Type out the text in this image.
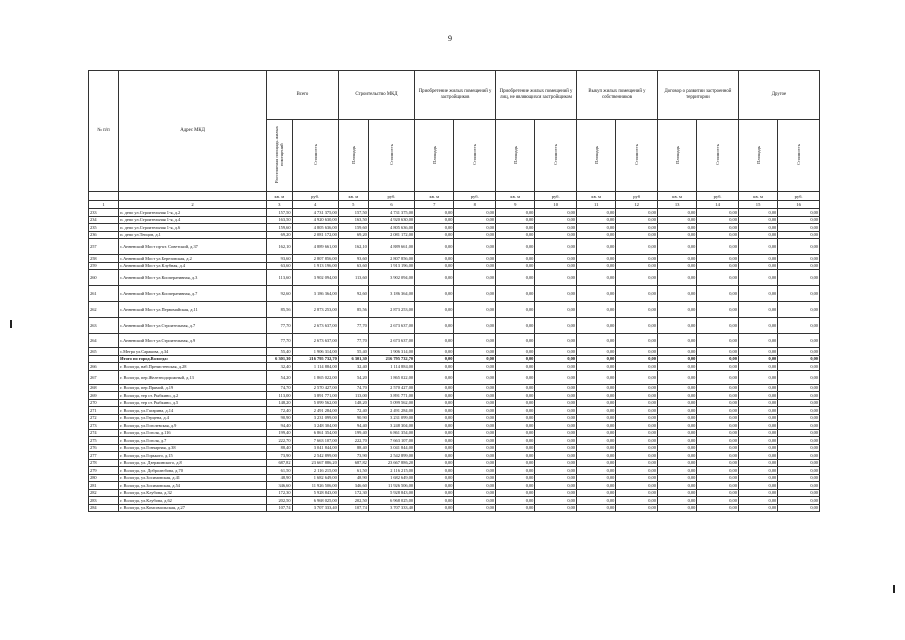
9
№ п/п	Адрес МКД	Всего		Строительство МКД		Приобретение жилых помещений у застройщиков		Приобретение жилых помещений у лиц, не являющихся застройщиком		Выкуп жилых помещений у собственников		Договор о развитии застроенной территории		Другое	
		Расселяемая площадь жилых помещений	Стоимость	Площадь	Стоимость	Площадь	Стоимость	Площадь	Стоимость	Площадь	Стоимость	Площадь	Стоимость	Площадь	Стоимость
		кв. м	руб.	кв. м	руб.	кв. м	руб.	кв. м	руб.	кв. м	руб	кв. м	руб.	кв. м	руб.
1	2	3	4	5	6	7	8	9	10	11	12	13	14	15	16
233	п. депо ул.Строительная 1-я, д.2	157,50	4 731 375,00	157,50	4 731 375,00	0,00	0,00	0,00	0,00	0,00	0,00	0,00	0,00	0,00	0,00
234	п. депо ул.Строительная 1-я, д.4	163,50	4 920 630,00	163,50	4 920 630,00	0,00	0,00	0,00	0,00	0,00	0,00	0,00	0,00	0,00	0,00
235	п. депо ул.Строительная 1-я, д.6	159,60	4 805 636,00	159,60	4 805 636,00	0,00	0,00	0,00	0,00	0,00	0,00	0,00	0,00	0,00	0,00
236	п. депо ул.Тепцов, д.1	69,20	2 081 172,00	69,20	2 081 172,00	0,00	0,00	0,00	0,00	0,00	0,00	0,00	0,00	0,00	0,00
257	с.Анненский Мост пр-кт. Советский, д.37	162,10	4 889 661,00	162,10	4 889 661,00	0,00	0,00	0,00	0,00	0,00	0,00	0,00	0,00	0,00	0,00
258	с.Анненский Мост ул.Березовская, д.2	93,60	2 807 856,00	93,60	2 807 856,00	0,00	0,00	0,00	0,00	0,00	0,00	0,00	0,00	0,00	0,00
259	с.Анненский Мост ул.Клубная, д.4	63,60	1 913 196,00	63,60	1 913 196,00	0,00	0,00	0,00	0,00	0,00	0,00	0,00	0,00	0,00	0,00
260	с.Анненский Мост ул.Кооперативная, д.3	113,60	3 902 094,00	113,60	3 902 094,00	0,00	0,00	0,00	0,00	0,00	0,00	0,00	0,00	0,00	0,00
261	с.Анненский Мост ул.Кооперативная, д.7	92,60	3 186 364,00	92,60	3 186 364,00	0,00	0,00	0,00	0,00	0,00	0,00	0,00	0,00	0,00	0,00
262	с.Анненский Мост ул.Первомайская, д.11	85,56	2 873 253,00	85,56	2 873 253,00	0,00	0,00	0,00	0,00	0,00	0,00	0,00	0,00	0,00	0,00
263	с.Анненский Мост ул.Строительная, д.7	77,70	2 673 637,00	77,70	2 673 637,00	0,00	0,00	0,00	0,00	0,00	0,00	0,00	0,00	0,00	0,00
264	с.Анненский Мост ул.Строительная, д.9	77,70	2 673 637,00	77,70	2 673 637,00	0,00	0,00	0,00	0,00	0,00	0,00	0,00	0,00	0,00	0,00
265	с.Мегра ул.Саракова, д.34	55,40	1 906 314,00	55,40	1 906 314,00	0,00	0,00	0,00	0,00	0,00	0,00	0,00	0,00	0,00	0,00
	Итого по город.Вологда:	6 301,30	216 795 732,70	6 301,30	216 795 732,70	0,00	0,00	0,00	0,00	0,00	0,00	0,00	0,00	0,00	0,00
266	г. Вологда, наб.Пречистенская, д.28	32,40	1 114 884,00	32,40	1 114 884,00	0,00	0,00	0,00	0,00	0,00	0,00	0,00	0,00	0,00	0,00
267	г. Вологда, пер.Железнодорожный, д.13	54,20	1 865 022,00	54,20	1 865 022,00	0,00	0,00	0,00	0,00	0,00	0,00	0,00	0,00	0,00	0,00
268	г. Вологда, пер.Прямой, д.19	74,70	2 570 427,00	74,70	2 570 427,00	0,00	0,00	0,00	0,00	0,00	0,00	0,00	0,00	0,00	0,00
269	г. Вологда, тер ст. Рыбкино, д.2	113,00	3 891 771,00	113,00	3 891 771,00	0,00	0,00	0,00	0,00	0,00	0,00	0,00	0,00	0,00	0,00
270	г. Вологда, тер ст. Рыбкино, д.5	148,20	5 099 562,00	148,20	5 099 562,00	0,00	0,00	0,00	0,00	0,00	0,00	0,00	0,00	0,00	0,00
271	г. Вологда, ул.Гагарина, д.14	72,40	2 491 284,00	72,40	2 491 284,00	0,00	0,00	0,00	0,00	0,00	0,00	0,00	0,00	0,00	0,00
272	г. Вологда, ул.Герцена, д.4	90,90	3 231 099,00	90,90	3 231 099,00	0,00	0,00	0,00	0,00	0,00	0,00	0,00	0,00	0,00	0,00
273	г. Вологда, ул.Гоголевская, д.9	94,40	3 248 304,00	94,40	3 248 304,00	0,00	0,00	0,00	0,00	0,00	0,00	0,00	0,00	0,00	0,00
274	г. Вологда, ул.Гоголя, д.116	199,40	6 861 354,00	199,40	6 861 354,00	0,00	0,00	0,00	0,00	0,00	0,00	0,00	0,00	0,00	0,00
275	г. Вологда, ул.Гоголя, д.7	222,70	7 663 107,00	222,70	7 663 107,00	0,00	0,00	0,00	0,00	0,00	0,00	0,00	0,00	0,00	0,00
276	г. Вологда, ул.Гончарная, д.38	88,40	3 041 844,00	88,40	3 041 844,00	0,00	0,00	0,00	0,00	0,00	0,00	0,00	0,00	0,00	0,00
277	г. Вологда, ул.Горького, д.15	73,90	2 542 899,00	73,90	2 542 899,00	0,00	0,00	0,00	0,00	0,00	0,00	0,00	0,00	0,00	0,00
278	г. Вологда, ул. Дзержинского, д.8	687,82	23 667 886,20	687,82	23 667 886,20	0,00	0,00	0,00	0,00	0,00	0,00	0,00	0,00	0,00	0,00
279	г. Вологда, ул. Добролюбова, д.70	61,50	2 116 215,00	61,50	2 116 215,00	0,00	0,00	0,00	0,00	0,00	0,00	0,00	0,00	0,00	0,00
280	г. Вологда, ул.Зосимовская, д.41	48,90	1 682 649,00	48,90	1 682 649,00	0,00	0,00	0,00	0,00	0,00	0,00	0,00	0,00	0,00	0,00
281	г. Вологда, ул.Зосимовская, д.54	346,60	11 926 506,00	346,60	11 926 506,00	0,00	0,00	0,00	0,00	0,00	0,00	0,00	0,00	0,00	0,00
282	г. Вологда, ул.Клубова, д.32	172,30	5 928 843,00	172,30	5 928 843,00	0,00	0,00	0,00	0,00	0,00	0,00	0,00	0,00	0,00	0,00
283	г. Вологда, ул.Клубова, д.62	202,50	6 968 025,00	202,50	6 968 025,00	0,00	0,00	0,00	0,00	0,00	0,00	0,00	0,00	0,00	0,00
284	г. Вологда, ул.Комсомольская, д.27	107,74	3 707 333,40	107,74	3 707 333,40	0,00	0,00	0,00	0,00	0,00	0,00	0,00	0,00	0,00	0,00
